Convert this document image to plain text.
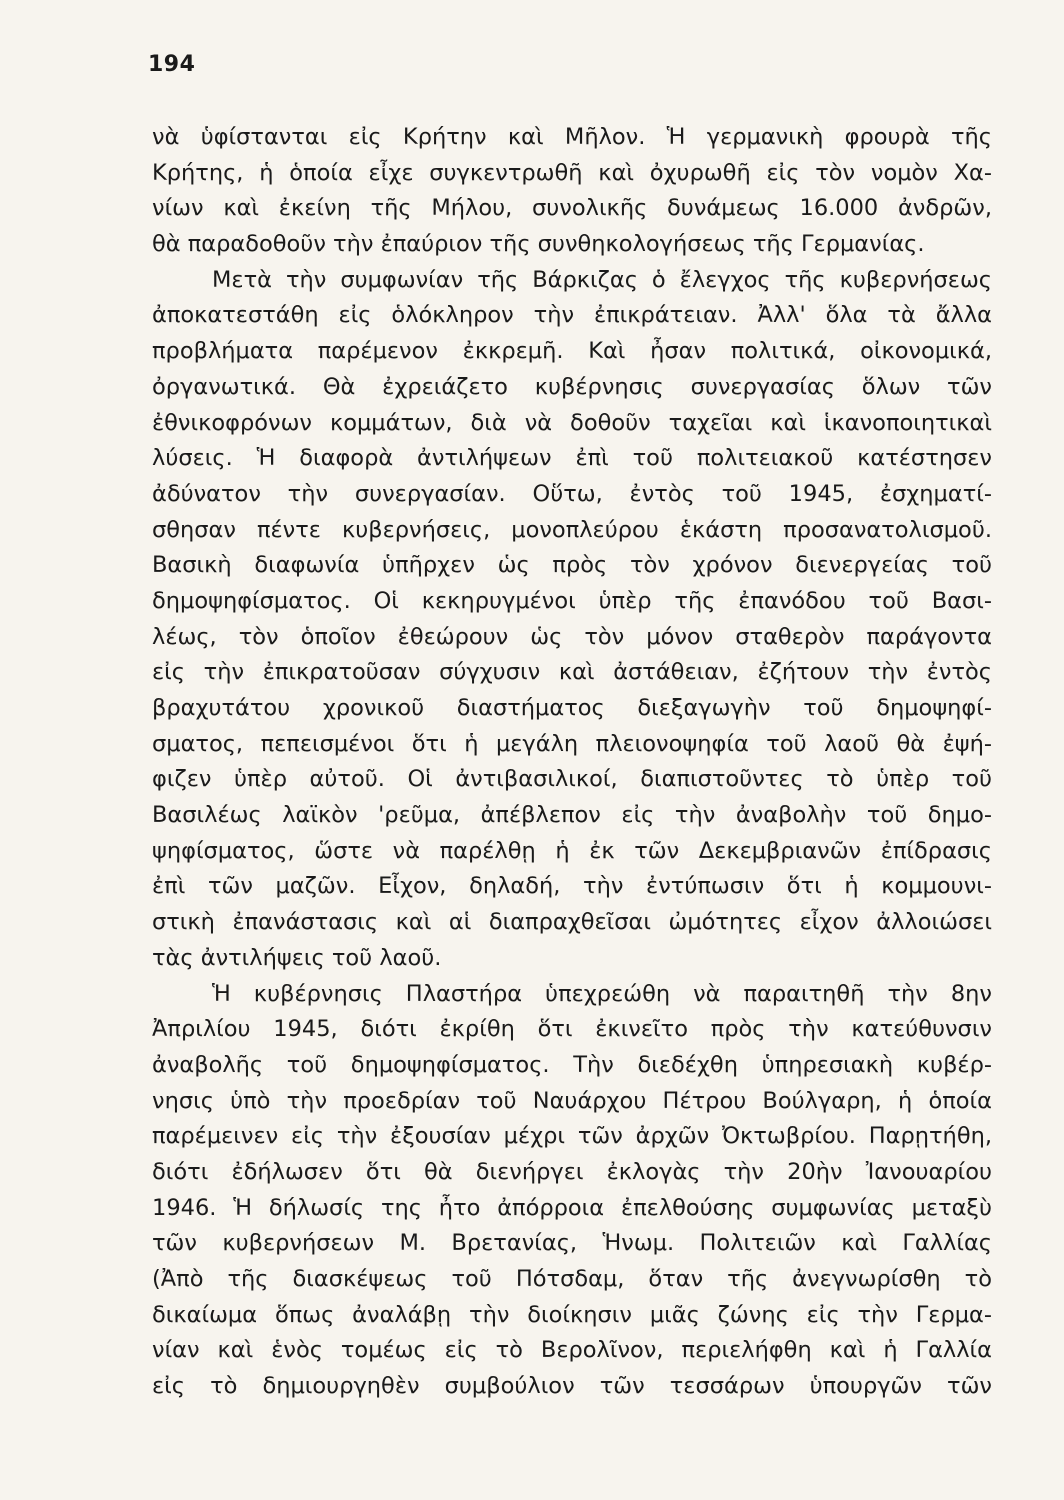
194
νὰ ὑφίστανται εἰς Κρήτην καὶ Μῆλον. Ἡ γερμανικὴ φρουρὰ τῆς
Κρήτης, ἡ ὁποία εἶχε συγκεντρωθῆ καὶ ὀχυρωθῆ εἰς τὸν νομὸν Χα-
νίων καὶ ἐκείνη τῆς Μήλου, συνολικῆς δυνάμεως 16.000 ἀνδρῶν,
θὰ παραδοθοῦν τὴν ἐπαύριον τῆς συνθηκολογήσεως τῆς Γερμανίας.
Μετὰ τὴν συμφωνίαν τῆς Βάρκιζας ὁ ἔλεγχος τῆς κυβερνήσεως
ἀποκατεστάθη εἰς ὁλόκληρον τὴν ἐπικράτειαν. Ἀλλ' ὅλα τὰ ἄλλα
προβλήματα παρέμενον ἐκκρεμῆ. Καὶ ἦσαν πολιτικά, οἰκονομικά,
ὀργανωτικά. Θὰ ἐχρειάζετο κυβέρνησις συνεργασίας ὅλων τῶν
ἐθνικοφρόνων κομμάτων, διὰ νὰ δοθοῦν ταχεῖαι καὶ ἱκανοποιητικαὶ
λύσεις. Ἡ διαφορὰ ἀντιλήψεων ἐπὶ τοῦ πολιτειακοῦ κατέστησεν
ἀδύνατον τὴν συνεργασίαν. Οὕτω, ἐντὸς τοῦ 1945, ἐσχηματί-
σθησαν πέντε κυβερνήσεις, μονοπλεύρου ἑκάστη προσανατολισμοῦ.
Βασικὴ διαφωνία ὑπῆρχεν ὡς πρὸς τὸν χρόνον διενεργείας τοῦ
δημοψηφίσματος. Οἱ κεκηρυγμένοι ὑπὲρ τῆς ἐπανόδου τοῦ Βασι-
λέως, τὸν ὁποῖον ἐθεώρουν ὡς τὸν μόνον σταθερὸν παράγοντα
εἰς τὴν ἐπικρατοῦσαν σύγχυσιν καὶ ἀστάθειαν, ἐζήτουν τὴν ἐντὸς
βραχυτάτου χρονικοῦ διαστήματος διεξαγωγὴν τοῦ δημοψηφί-
σματος, πεπεισμένοι ὅτι ἡ μεγάλη πλειονοψηφία τοῦ λαοῦ θὰ ἐψή-
φιζεν ὑπὲρ αὐτοῦ. Οἱ ἀντιβασιλικοί, διαπιστοῦντες τὸ ὑπὲρ τοῦ
Βασιλέως λαϊκὸν 'ρεῦμα, ἀπέβλεπον εἰς τὴν ἀναβολὴν τοῦ δημο-
ψηφίσματος, ὥστε νὰ παρέλθῃ ἡ ἐκ τῶν Δεκεμβριανῶν ἐπίδρασις
ἐπὶ τῶν μαζῶν. Εἶχον, δηλαδή, τὴν ἐντύπωσιν ὅτι ἡ κομμουνι-
στικὴ ἐπανάστασις καὶ αἱ διαπραχθεῖσαι ὠμότητες εἶχον ἀλλοιώσει
τὰς ἀντιλήψεις τοῦ λαοῦ.
Ἡ κυβέρνησις Πλαστήρα ὑπεχρεώθη νὰ παραιτηθῆ τὴν 8ην
Ἀπριλίου 1945, διότι ἐκρίθη ὅτι ἐκινεῖτο πρὸς τὴν κατεύθυνσιν
ἀναβολῆς τοῦ δημοψηφίσματος. Τὴν διεδέχθη ὑπηρεσιακὴ κυβέρ-
νησις ὑπὸ τὴν προεδρίαν τοῦ Ναυάρχου Πέτρου Βούλγαρη, ἡ ὁποία
παρέμεινεν εἰς τὴν ἐξουσίαν μέχρι τῶν ἀρχῶν Ὀκτωβρίου. Παρῃτήθη,
διότι ἐδήλωσεν ὅτι θὰ διενήργει ἐκλογὰς τὴν 20ὴν Ἰανουαρίου
1946. Ἡ δήλωσίς της ἦτο ἀπόρροια ἐπελθούσης συμφωνίας μεταξὺ
τῶν κυβερνήσεων Μ. Βρετανίας, Ἡνωμ. Πολιτειῶν καὶ Γαλλίας
(Ἀπὸ τῆς διασκέψεως τοῦ Πότσδαμ, ὅταν τῆς ἀνεγνωρίσθη τὸ
δικαίωμα ὅπως ἀναλάβῃ τὴν διοίκησιν μιᾶς ζώνης εἰς τὴν Γερμα-
νίαν καὶ ἑνὸς τομέως εἰς τὸ Βερολῖνον, περιελήφθη καὶ ἡ Γαλλία
εἰς τὸ δημιουργηθὲν συμβούλιον τῶν τεσσάρων ὑπουργῶν τῶν
